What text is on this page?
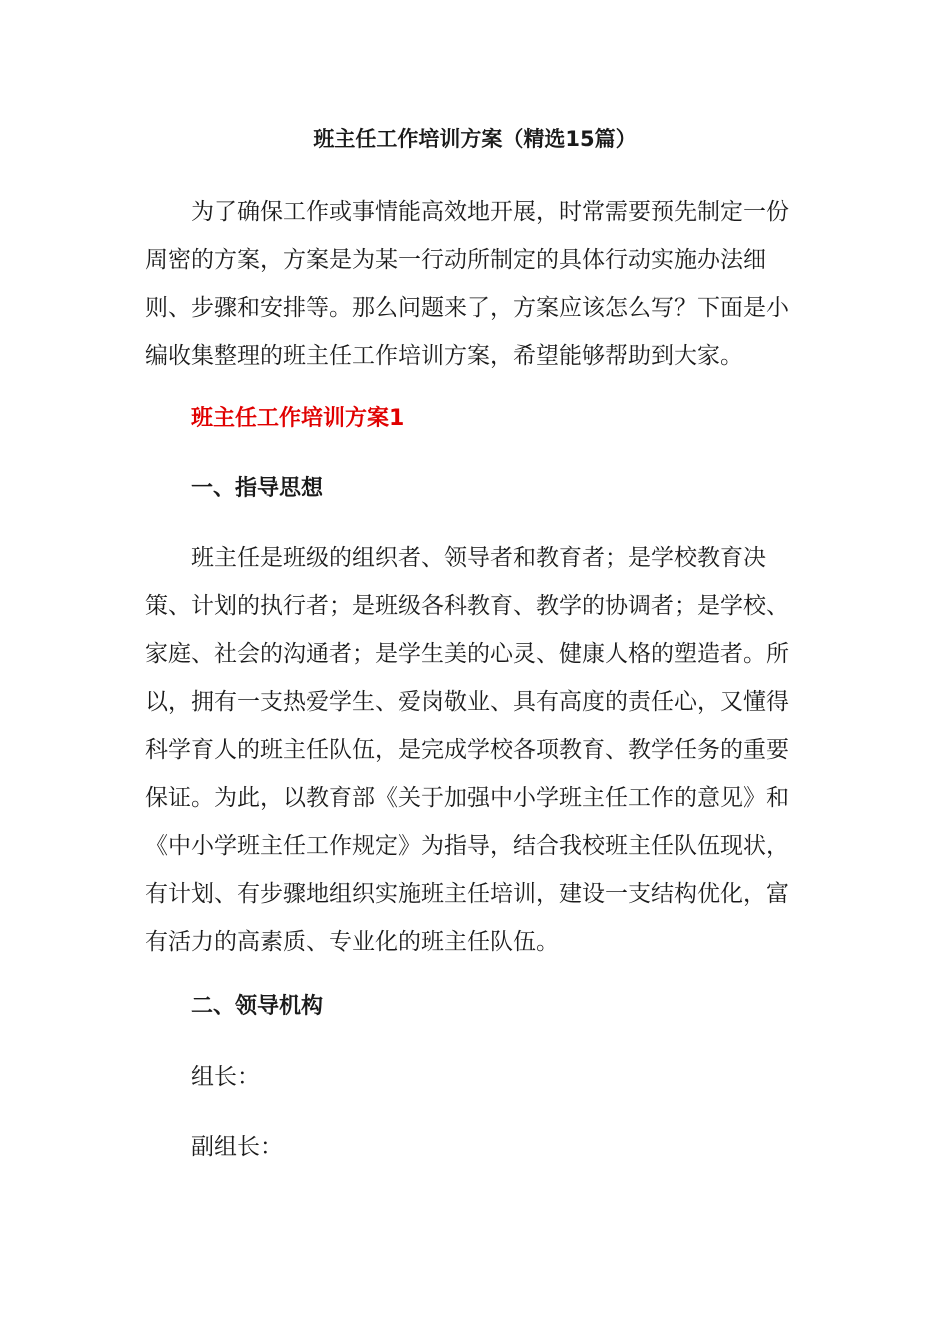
班主任工作培训方案（精选15篇）

为了确保工作或事情能高效地开展，时常需要预先制定一份周密的方案，方案是为某一行动所制定的具体行动实施办法细则、步骤和安排等。那么问题来了，方案应该怎么写？下面是小编收集整理的班主任工作培训方案，希望能够帮助到大家。

班主任工作培训方案1

一、指导思想

班主任是班级的组织者、领导者和教育者；是学校教育决策、计划的执行者；是班级各科教育、教学的协调者；是学校、家庭、社会的沟通者；是学生美的心灵、健康人格的塑造者。所以，拥有一支热爱学生、爱岗敬业、具有高度的责任心，又懂得科学育人的班主任队伍，是完成学校各项教育、教学任务的重要保证。为此，以教育部《关于加强中小学班主任工作的意见》和《中小学班主任工作规定》为指导，结合我校班主任队伍现状，有计划、有步骤地组织实施班主任培训，建设一支结构优化，富有活力的高素质、专业化的班主任队伍。

二、领导机构

组长：

副组长：
